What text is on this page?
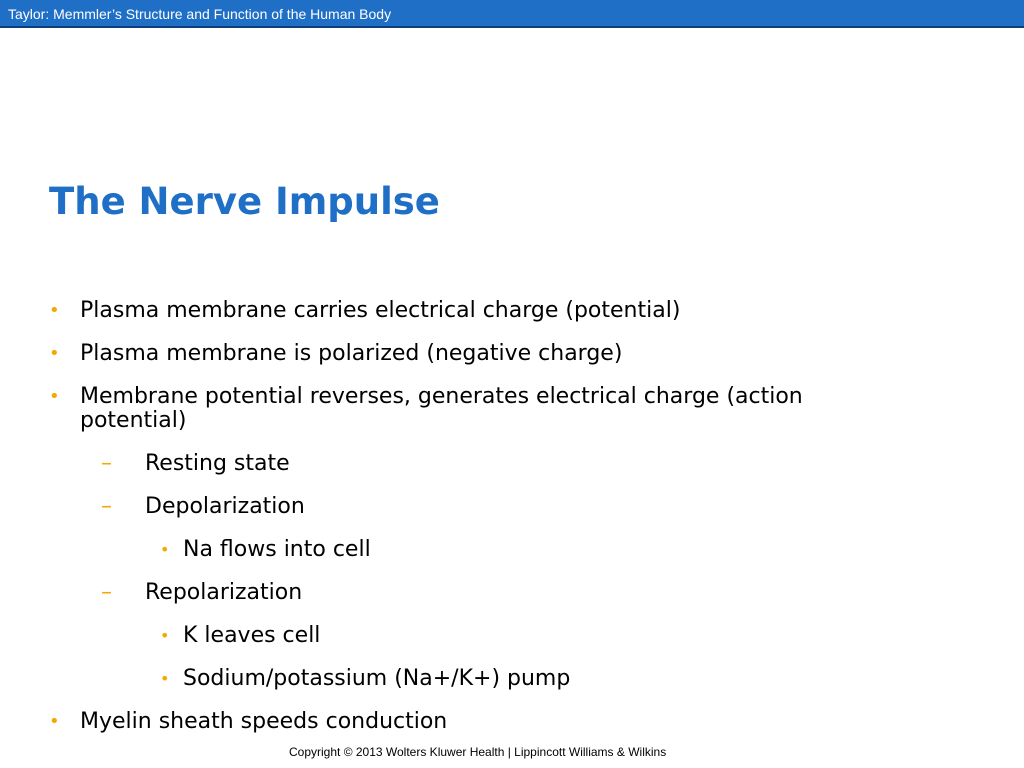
Taylor: Memmler’s Structure and Function of the Human Body
The Nerve Impulse
• Plasma membrane carries electrical charge (potential)
• Plasma membrane is polarized (negative charge)
• Membrane potential reverses, generates electrical charge (action
potential)
– Resting state
– Depolarization
• Na flows into cell
– Repolarization
• K leaves cell
• Sodium/potassium (Na+/K+) pump
• Myelin sheath speeds conduction
Copyright © 2013 Wolters Kluwer Health | Lippincott Williams & Wilkins
